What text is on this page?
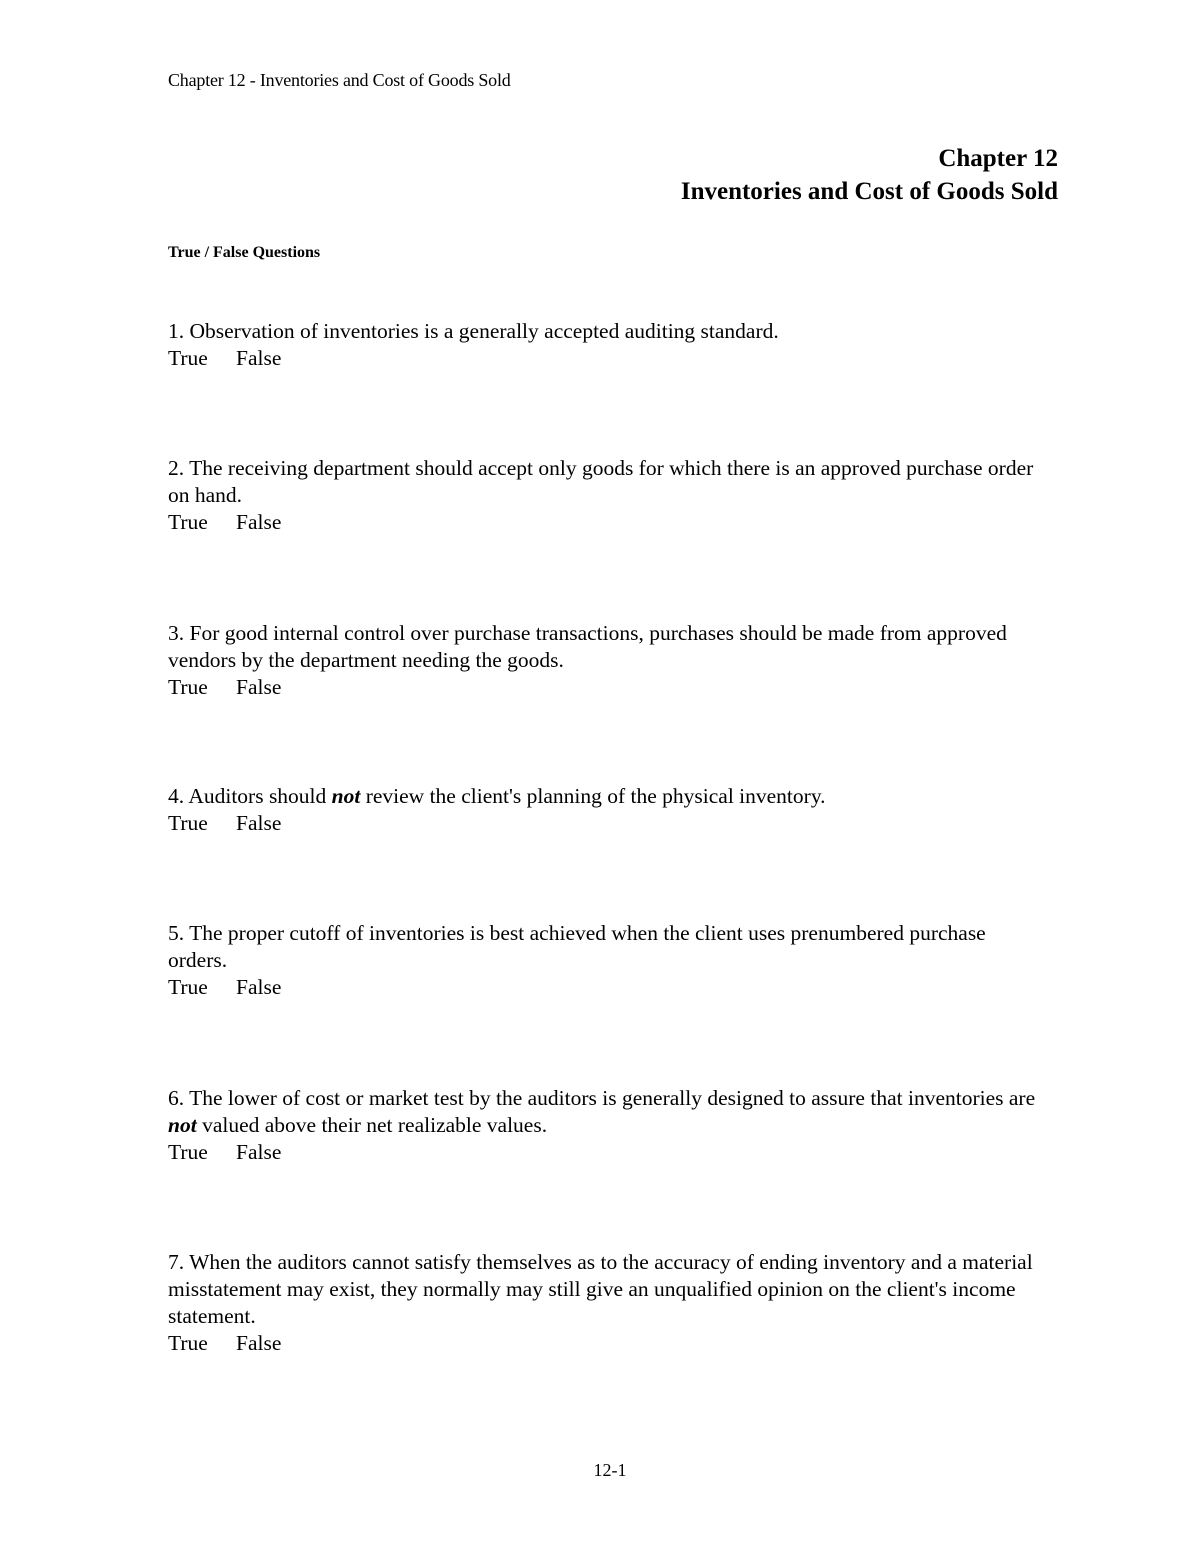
Chapter 12 - Inventories and Cost of Goods Sold
Chapter 12
Inventories and Cost of Goods Sold
True / False Questions

1. Observation of inventories is a generally accepted auditing standard.

True False

2. The receiving department should accept only goods for which there is an approved purchase order on hand.

True False

3. For good internal control over purchase transactions, purchases should be made from approved vendors by the department needing the goods.

True False

4. Auditors should not review the client's planning of the physical inventory.

True False

5. The proper cutoff of inventories is best achieved when the client uses prenumbered purchase orders.

True False

6. The lower of cost or market test by the auditors is generally designed to assure that inventories are not valued above their net realizable values.

True False

7. When the auditors cannot satisfy themselves as to the accuracy of ending inventory and a material misstatement may exist, they normally may still give an unqualified opinion on the client's income statement.

True False
12-1
